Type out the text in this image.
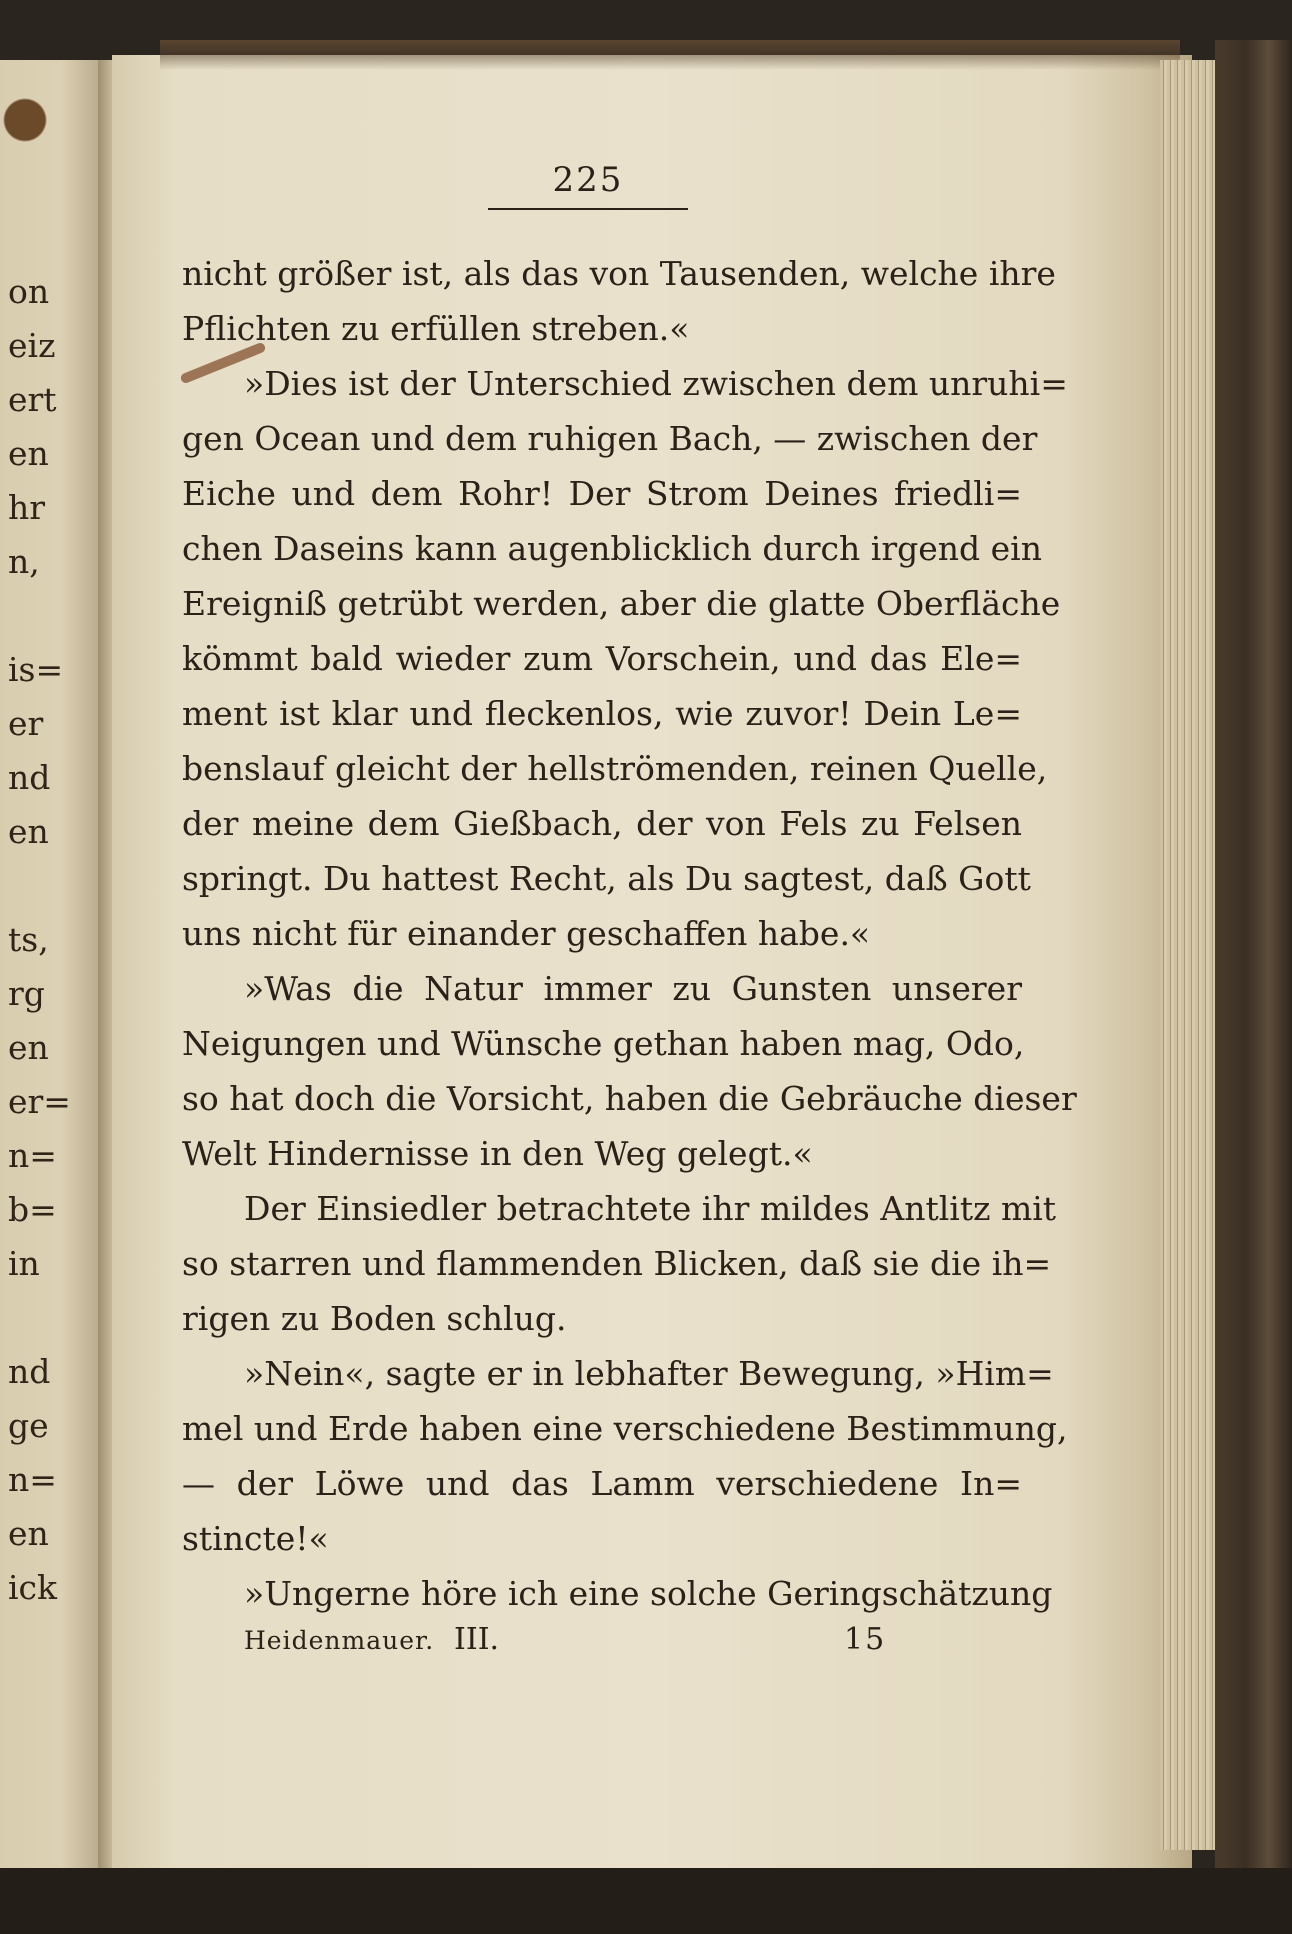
on
eiz
ert
en
hr
n,
is=
er
nd
en
ts,
rg
en
er=
n=
b=
in
nd
ge
n=
en
ick
225
nicht größer ist, als das von Tausenden, welche ihre
Pflichten zu erfüllen streben.«
»Dies ist der Unterschied zwischen dem unruhi=
gen Ocean und dem ruhigen Bach, — zwischen der
Eiche und dem Rohr! Der Strom Deines friedli=
chen Daseins kann augenblicklich durch irgend ein
Ereigniß getrübt werden, aber die glatte Oberfläche
kömmt bald wieder zum Vorschein, und das Ele=
ment ist klar und fleckenlos, wie zuvor! Dein Le=
benslauf gleicht der hellströmenden, reinen Quelle,
der meine dem Gießbach, der von Fels zu Felsen
springt. Du hattest Recht, als Du sagtest, daß Gott
uns nicht für einander geschaffen habe.«
»Was die Natur immer zu Gunsten unserer
Neigungen und Wünsche gethan haben mag, Odo,
so hat doch die Vorsicht, haben die Gebräuche dieser
Welt Hindernisse in den Weg gelegt.«
Der Einsiedler betrachtete ihr mildes Antlitz mit
so starren und flammenden Blicken, daß sie die ih=
rigen zu Boden schlug.
»Nein«, sagte er in lebhafter Bewegung, »Him=
mel und Erde haben eine verschiedene Bestimmung,
— der Löwe und das Lamm verschiedene In=
stincte!«
»Ungerne höre ich eine solche Geringschätzung
Heidenmauer. III.	15
